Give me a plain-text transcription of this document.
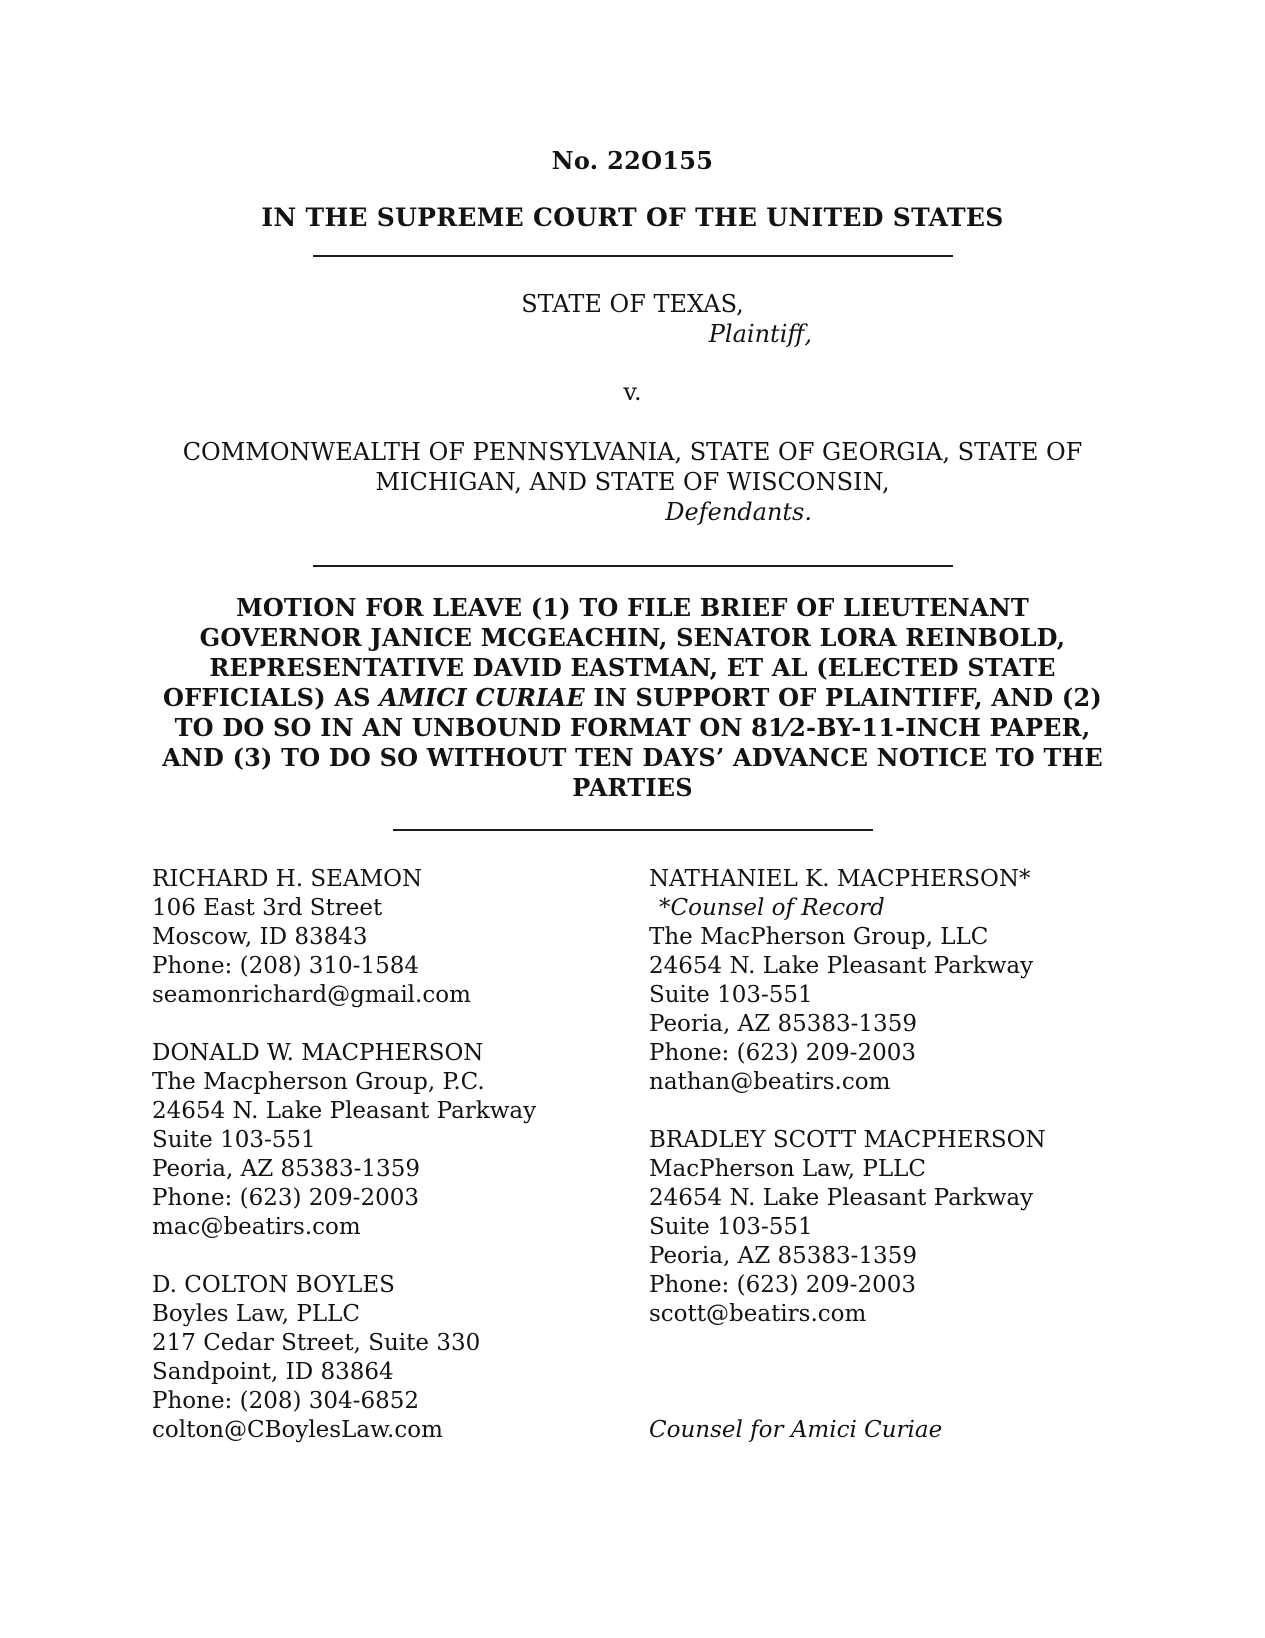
No. 22O155
IN THE SUPREME COURT OF THE UNITED STATES
STATE OF TEXAS,
Plaintiff,
v.
COMMONWEALTH OF PENNSYLVANIA, STATE OF GEORGIA, STATE OF MICHIGAN, AND STATE OF WISCONSIN,
Defendants.
MOTION FOR LEAVE (1) TO FILE BRIEF OF LIEUTENANT GOVERNOR JANICE MCGEACHIN, SENATOR LORA REINBOLD, REPRESENTATIVE DAVID EASTMAN, ET AL (ELECTED STATE OFFICIALS) AS AMICI CURIAE IN SUPPORT OF PLAINTIFF, AND (2) TO DO SO IN AN UNBOUND FORMAT ON 81⁄2-BY-11-INCH PAPER, AND (3) TO DO SO WITHOUT TEN DAYS’ ADVANCE NOTICE TO THE PARTIES
RICHARD H. SEAMON
106 East 3rd Street
Moscow, ID 83843
Phone: (208) 310-1584
seamonrichard@gmail.com
DONALD W. MACPHERSON
The Macpherson Group, P.C.
24654 N. Lake Pleasant Parkway
Suite 103-551
Peoria, AZ 85383-1359
Phone: (623) 209-2003
mac@beatirs.com
D. COLTON BOYLES
Boyles Law, PLLC
217 Cedar Street, Suite 330
Sandpoint, ID 83864
Phone: (208) 304-6852
colton@CBoylesLaw.com
NATHANIEL K. MACPHERSON*
*Counsel of Record
The MacPherson Group, LLC
24654 N. Lake Pleasant Parkway
Suite 103-551
Peoria, AZ 85383-1359
Phone: (623) 209-2003
nathan@beatirs.com
BRADLEY SCOTT MACPHERSON
MacPherson Law, PLLC
24654 N. Lake Pleasant Parkway
Suite 103-551
Peoria, AZ 85383-1359
Phone: (623) 209-2003
scott@beatirs.com
Counsel for Amici Curiae
